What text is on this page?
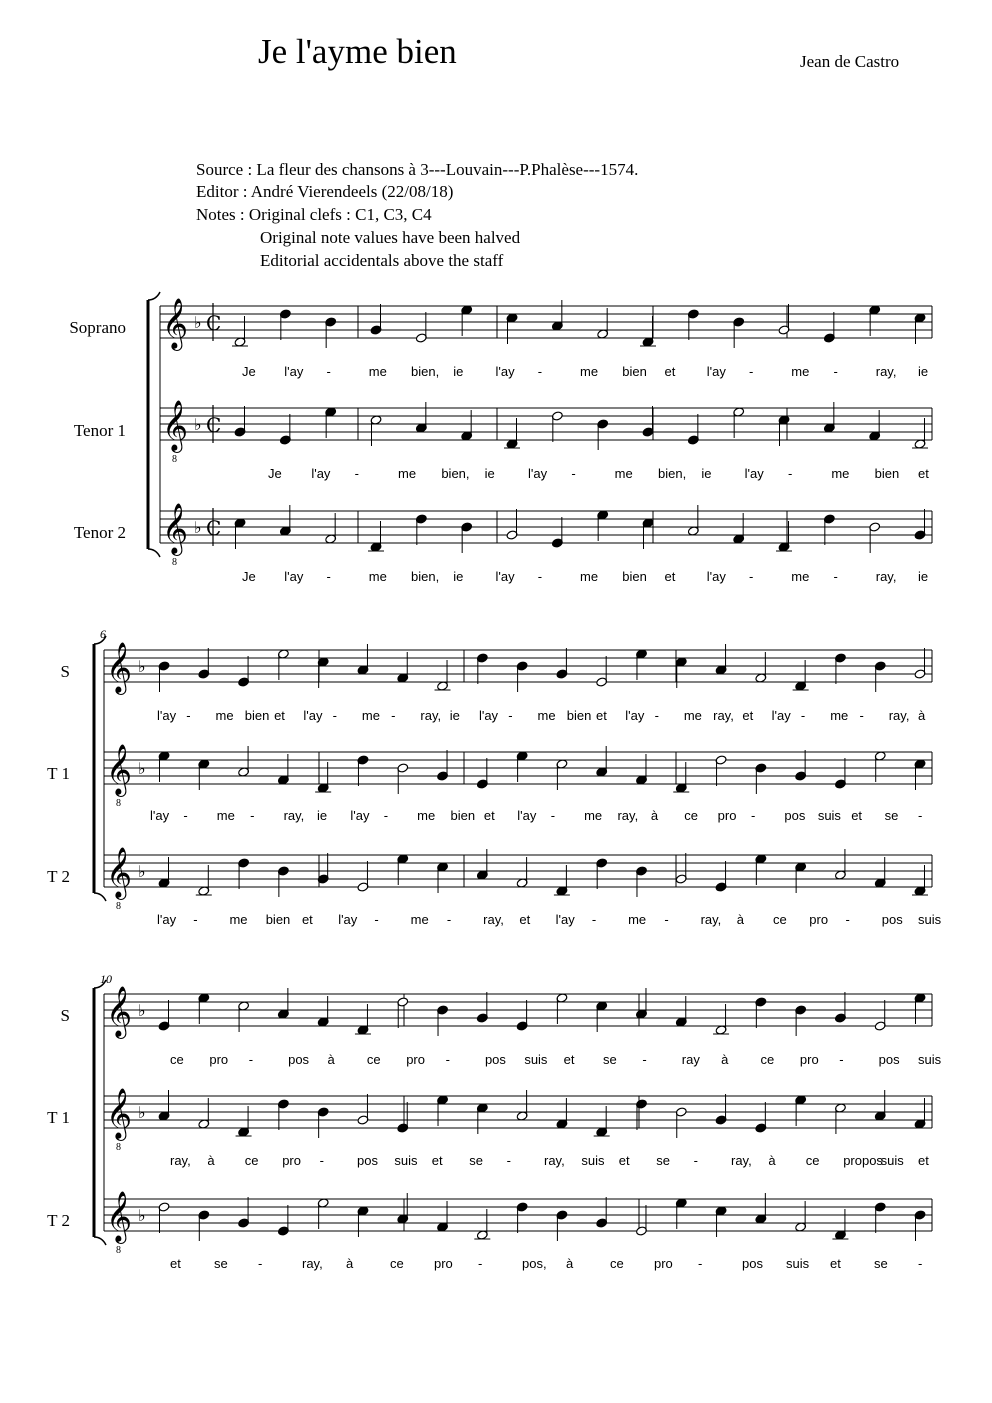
Je l'ayme bien	Jean de Castro
Source : La fleur des chansons à 3---Louvain---P.Phalèse---1574.
Editor : André Vierendeels (22/08/18)
Notes : Original clefs : C1, C3, C4
Original note values have been halved
Editorial accidentals above the staff
Soprano
Tenor 1
Tenor 2
S
T 1
T 2
S
T 1
T 2
10
6
Je l'ay -	me bien, ie l'ay -	me bien et l'ay -	me -	ray, ie
Je l'ay -	me bien, ie	l'ay -	me bien, ie	l'ay -	me bien et
Je l'ay -	me bien, ie l'ay -	me bien et l'ay -	me -	ray, ie
l'ay - me bien et l'ay - me - ray, ie l'ay - me bien et l'ay - me ray, et l'ay - me - ray, à
l'ay - me - ray, ie l'ay - me bien et l'ay - me ray, à ce pro - pos suis et se -
l'ay - me bien et l'ay - me - ray, et l'ay - me - ray, à ce pro - pos suis
ce pro -	pos à ce pro -	pos suis et se -	ray à ce pro -	pos suis
ray, à ce pro -	pos suis et se -	ray, suis et se -	ray, à ce propos
suis et
et	se -	ray, à	ce pro -	pos, à	ce pro -	pos suis et	se -
𝄞 ♭ C
𝄞
8
♭ C
𝄞
8
♭ C
𝄞 ♭
𝄞
8
♭
𝄞
8
♭
𝄞 ♭
𝄞
8
♭
𝄞
8
♭
